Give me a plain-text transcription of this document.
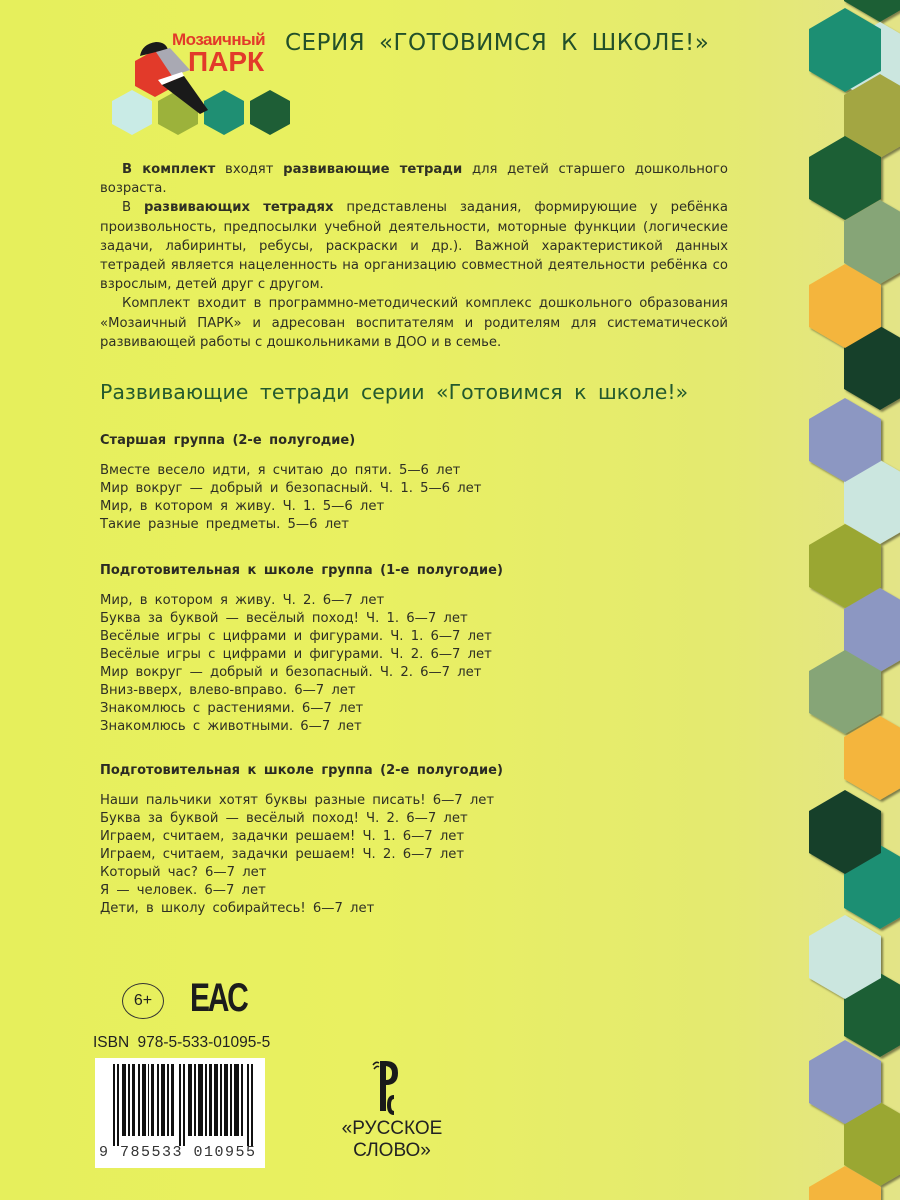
Мозаичный
ПАРК
СЕРИЯ «ГОТОВИМСЯ К ШКОЛЕ!»

В комплект входят развивающие тетради для детей старшего дошкольного возраста.

В развивающих тетрадях представлены задания, формирующие у ребёнка произвольность, предпосылки учебной деятельности, моторные функции (логические задачи, лабиринты, ребусы, раскраски и др.). Важной характеристикой данных тетрадей является нацеленность на организацию совместной деятельности ребёнка со взрослым, детей друг с другом.

Комплект входит в программно-методический комплекс дошкольного образования «Мозаичный ПАРК» и адресован воспитателям и родителям для систематической развивающей работы с дошкольниками в ДОО и в семье.

Развивающие тетради серии «Готовимся к школе!»
Старшая группа (2-е полугодие)
Вместе весело идти, я считаю до пяти. 5—6 лет
Мир вокруг — добрый и безопасный. Ч. 1. 5—6 лет
Мир, в котором я живу. Ч. 1. 5—6 лет
Такие разные предметы. 5—6 лет
Подготовительная к школе группа (1-е полугодие)
Мир, в котором я живу. Ч. 2. 6—7 лет
Буква за буквой — весёлый поход! Ч. 1. 6—7 лет
Весёлые игры с цифрами и фигурами. Ч. 1. 6—7 лет
Весёлые игры с цифрами и фигурами. Ч. 2. 6—7 лет
Мир вокруг — добрый и безопасный. Ч. 2. 6—7 лет
Вниз-вверх, влево-вправо. 6—7 лет
Знакомлюсь с растениями. 6—7 лет
Знакомлюсь с животными. 6—7 лет
Подготовительная к школе группа (2-е полугодие)
Наши пальчики хотят буквы разные писать! 6—7 лет
Буква за буквой — весёлый поход! Ч. 2. 6—7 лет
Играем, считаем, задачки решаем! Ч. 1. 6—7 лет
Играем, считаем, задачки решаем! Ч. 2. 6—7 лет
Который час? 6—7 лет
Я — человек. 6—7 лет
Дети, в школу собирайтесь! 6—7 лет
6+ EAC
ISBN 978-5-533-01095-5
9 785533 010955
«РУССКОЕ
СЛОВО»
